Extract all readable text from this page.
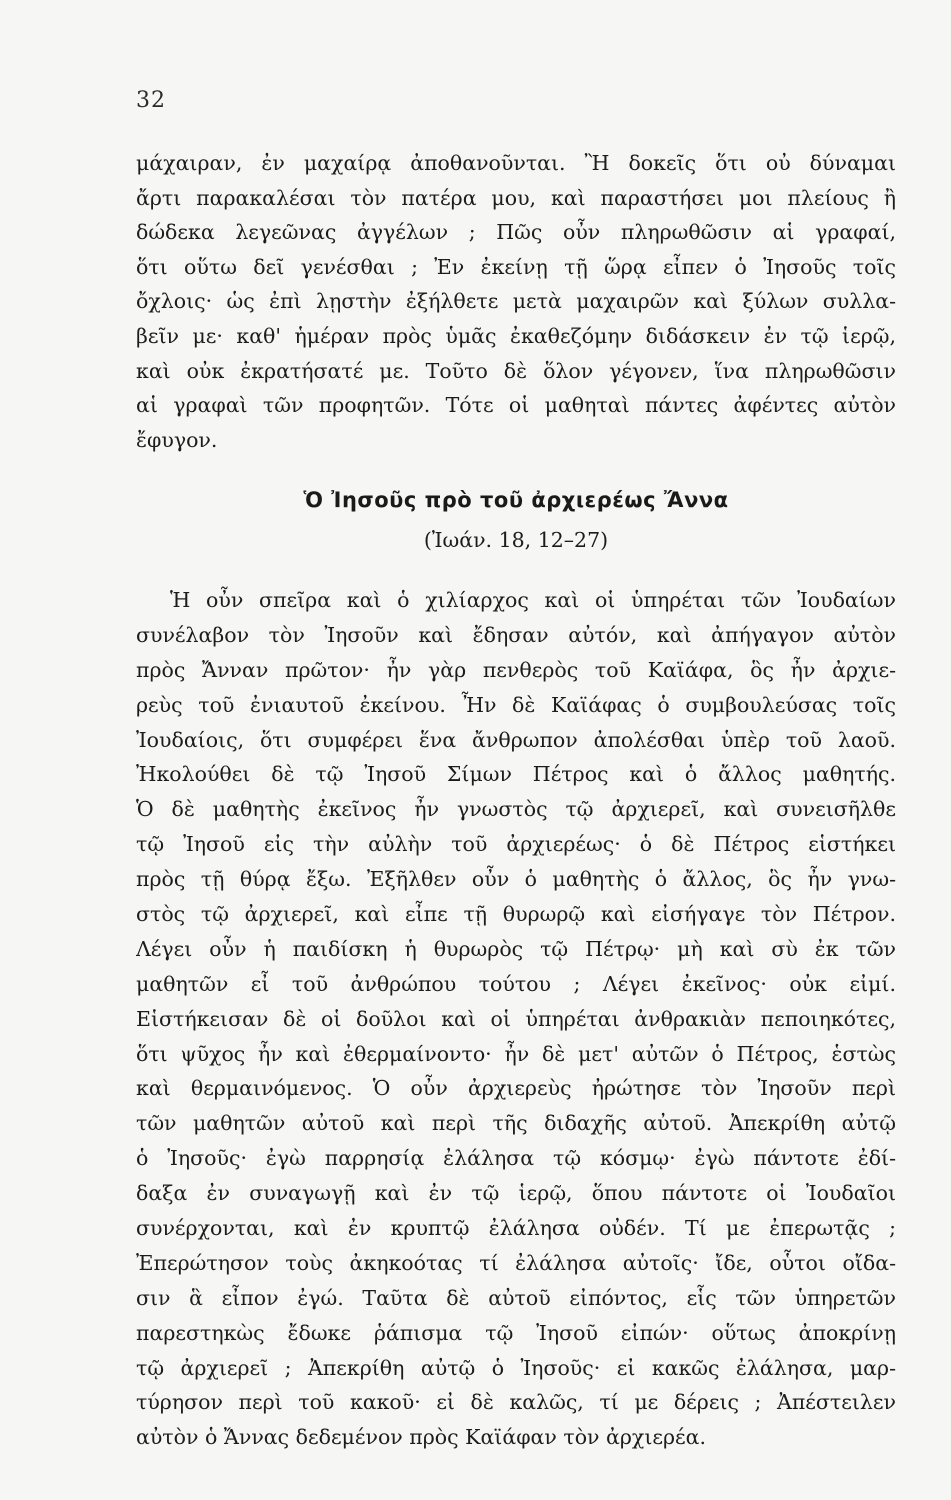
32
μάχαιραν, ἐν μαχαίρᾳ ἀποθανοῦνται. Ἢ δοκεῖς ὅτι οὐ δύναμαι
ἄρτι παρακαλέσαι τὸν πατέρα μου, καὶ παραστήσει μοι πλείους ἢ
δώδεκα λεγεῶνας ἀγγέλων ; Πῶς οὖν πληρωθῶσιν αἱ γραφαί,
ὅτι οὕτω δεῖ γενέσθαι ; Ἐν ἐκείνῃ τῇ ὥρᾳ εἶπεν ὁ Ἰησοῦς τοῖς
ὄχλοις· ὡς ἐπὶ λῃστὴν ἐξήλθετε μετὰ μαχαιρῶν καὶ ξύλων συλλα-
βεῖν με· καθ' ἡμέραν πρὸς ὑμᾶς ἐκαθεζόμην διδάσκειν ἐν τῷ ἱερῷ,
καὶ οὐκ ἐκρατήσατέ με. Τοῦτο δὲ ὅλον γέγονεν, ἵνα πληρωθῶσιν
αἱ γραφαὶ τῶν προφητῶν. Τότε οἱ μαθηταὶ πάντες ἀφέντες αὐτὸν
ἔφυγον.
Ὁ Ἰησοῦς πρὸ τοῦ ἀρχιερέως Ἄννα
(Ἰωάν. 18, 12–27)
Ἡ οὖν σπεῖρα καὶ ὁ χιλίαρχος καὶ οἱ ὑπηρέται τῶν Ἰουδαίων
συνέλαβον τὸν Ἰησοῦν καὶ ἔδησαν αὐτόν, καὶ ἀπήγαγον αὐτὸν
πρὸς Ἄνναν πρῶτον· ἦν γὰρ πενθερὸς τοῦ Καϊάφα, ὃς ἦν ἀρχιε-
ρεὺς τοῦ ἐνιαυτοῦ ἐκείνου. Ἦν δὲ Καϊάφας ὁ συμβουλεύσας τοῖς
Ἰουδαίοις, ὅτι συμφέρει ἕνα ἄνθρωπον ἀπολέσθαι ὑπὲρ τοῦ λαοῦ.
Ἠκολούθει δὲ τῷ Ἰησοῦ Σίμων Πέτρος καὶ ὁ ἄλλος μαθητής.
Ὁ δὲ μαθητὴς ἐκεῖνος ἦν γνωστὸς τῷ ἀρχιερεῖ, καὶ συνεισῆλθε
τῷ Ἰησοῦ εἰς τὴν αὐλὴν τοῦ ἀρχιερέως· ὁ δὲ Πέτρος εἱστήκει
πρὸς τῇ θύρᾳ ἔξω. Ἐξῆλθεν οὖν ὁ μαθητὴς ὁ ἄλλος, ὃς ἦν γνω-
στὸς τῷ ἀρχιερεῖ, καὶ εἶπε τῇ θυρωρῷ καὶ εἰσήγαγε τὸν Πέτρον.
Λέγει οὖν ἡ παιδίσκη ἡ θυρωρὸς τῷ Πέτρῳ· μὴ καὶ σὺ ἐκ τῶν
μαθητῶν εἶ τοῦ ἀνθρώπου τούτου ; Λέγει ἐκεῖνος· οὐκ εἰμί.
Εἱστήκεισαν δὲ οἱ δοῦλοι καὶ οἱ ὑπηρέται ἀνθρακιὰν πεποιηκότες,
ὅτι ψῦχος ἦν καὶ ἐθερμαίνοντο· ἦν δὲ μετ' αὐτῶν ὁ Πέτρος, ἑστὼς
καὶ θερμαινόμενος. Ὁ οὖν ἀρχιερεὺς ἠρώτησε τὸν Ἰησοῦν περὶ
τῶν μαθητῶν αὐτοῦ καὶ περὶ τῆς διδαχῆς αὐτοῦ. Ἀπεκρίθη αὐτῷ
ὁ Ἰησοῦς· ἐγὼ παρρησίᾳ ἐλάλησα τῷ κόσμῳ· ἐγὼ πάντοτε ἐδί-
δαξα ἐν συναγωγῇ καὶ ἐν τῷ ἱερῷ, ὅπου πάντοτε οἱ Ἰουδαῖοι
συνέρχονται, καὶ ἐν κρυπτῷ ἐλάλησα οὐδέν. Τί με ἐπερωτᾷς ;
Ἐπερώτησον τοὺς ἀκηκοότας τί ἐλάλησα αὐτοῖς· ἴδε, οὗτοι οἴδα-
σιν ἃ εἶπον ἐγώ. Ταῦτα δὲ αὐτοῦ εἰπόντος, εἷς τῶν ὑπηρετῶν
παρεστηκὼς ἔδωκε ῥάπισμα τῷ Ἰησοῦ εἰπών· οὕτως ἀποκρίνῃ
τῷ ἀρχιερεῖ ; Ἀπεκρίθη αὐτῷ ὁ Ἰησοῦς· εἰ κακῶς ἐλάλησα, μαρ-
τύρησον περὶ τοῦ κακοῦ· εἰ δὲ καλῶς, τί με δέρεις ; Ἀπέστειλεν
αὐτὸν ὁ Ἄννας δεδεμένον πρὸς Καϊάφαν τὸν ἀρχιερέα.
